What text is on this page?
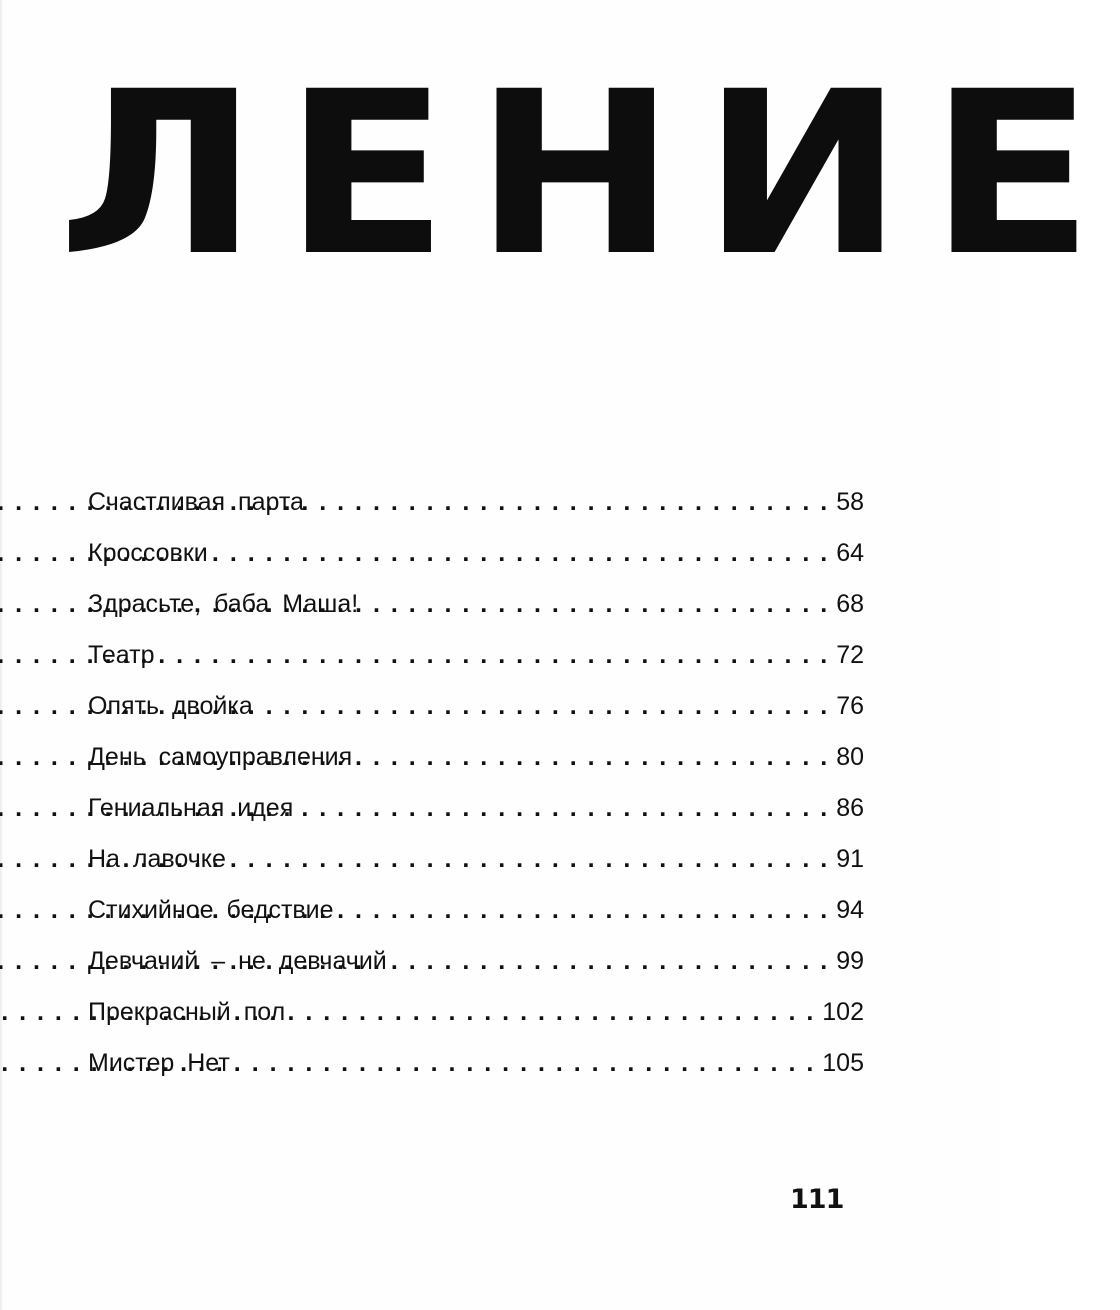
ЛЕНИЕ
Счастливая парта . . .	58
Кроссовки . . .	64
Здрасьте, баба Маша! . . .	68
Театр . . .	72
Опять двойка . . .	76
День самоуправления . . .	80
Гениальная идея . . .	86
На лавочке . . .	91
Стихийное бедствие . . .	94
Девчачий – не девчачий . . .	99
Прекрасный пол . . .	102
Мистер Нет . . .	105
111
